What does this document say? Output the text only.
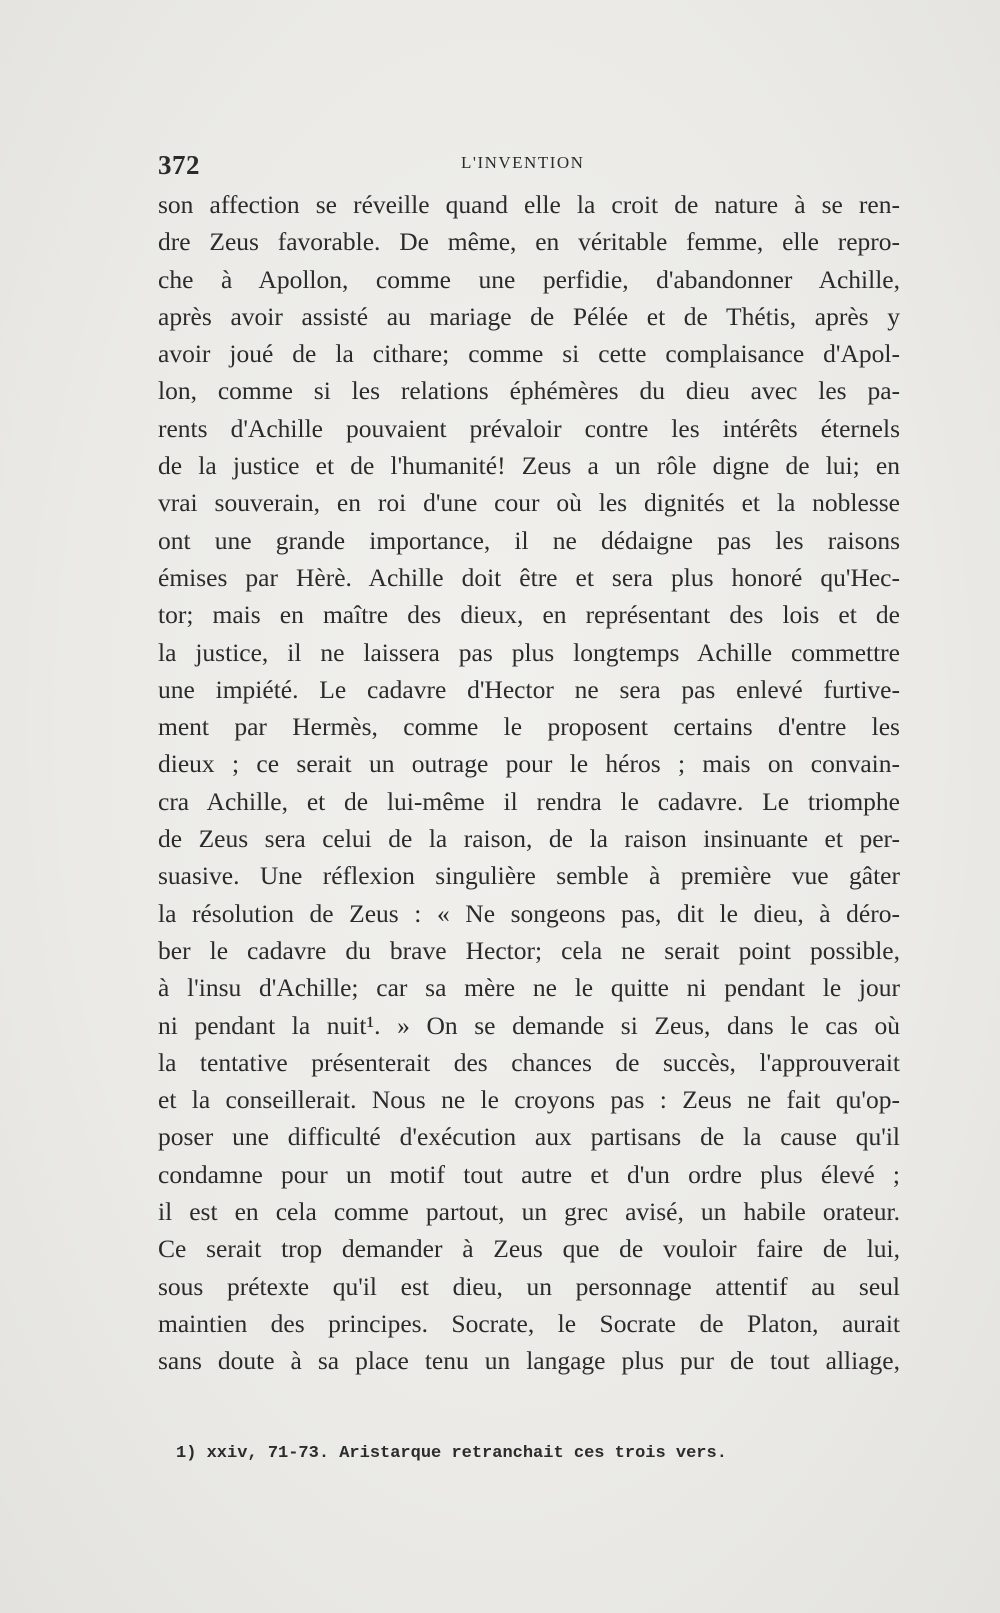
372	L'INVENTION
son affection se réveille quand elle la croit de nature à se ren-
dre Zeus favorable. De même, en véritable femme, elle repro-
che à Apollon, comme une perfidie, d'abandonner Achille,
après avoir assisté au mariage de Pélée et de Thétis, après y
avoir joué de la cithare; comme si cette complaisance d'Apol-
lon, comme si les relations éphémères du dieu avec les pa-
rents d'Achille pouvaient prévaloir contre les intérêts éternels
de la justice et de l'humanité! Zeus a un rôle digne de lui; en
vrai souverain, en roi d'une cour où les dignités et la noblesse
ont une grande importance, il ne dédaigne pas les raisons
émises par Hèrè. Achille doit être et sera plus honoré qu'Hec-
tor; mais en maître des dieux, en représentant des lois et de
la justice, il ne laissera pas plus longtemps Achille commettre
une impiété. Le cadavre d'Hector ne sera pas enlevé furtive-
ment par Hermès, comme le proposent certains d'entre les
dieux ; ce serait un outrage pour le héros ; mais on convain-
cra Achille, et de lui-même il rendra le cadavre. Le triomphe
de Zeus sera celui de la raison, de la raison insinuante et per-
suasive. Une réflexion singulière semble à première vue gâter
la résolution de Zeus : « Ne songeons pas, dit le dieu, à déro-
ber le cadavre du brave Hector; cela ne serait point possible,
à l'insu d'Achille; car sa mère ne le quitte ni pendant le jour
ni pendant la nuit¹. » On se demande si Zeus, dans le cas où
la tentative présenterait des chances de succès, l'approuverait
et la conseillerait. Nous ne le croyons pas : Zeus ne fait qu'op-
poser une difficulté d'exécution aux partisans de la cause qu'il
condamne pour un motif tout autre et d'un ordre plus élevé ;
il est en cela comme partout, un grec avisé, un habile orateur.
Ce serait trop demander à Zeus que de vouloir faire de lui,
sous prétexte qu'il est dieu, un personnage attentif au seul
maintien des principes. Socrate, le Socrate de Platon, aurait
sans doute à sa place tenu un langage plus pur de tout alliage,
1) xxiv, 71-73. Aristarque retranchait ces trois vers.
